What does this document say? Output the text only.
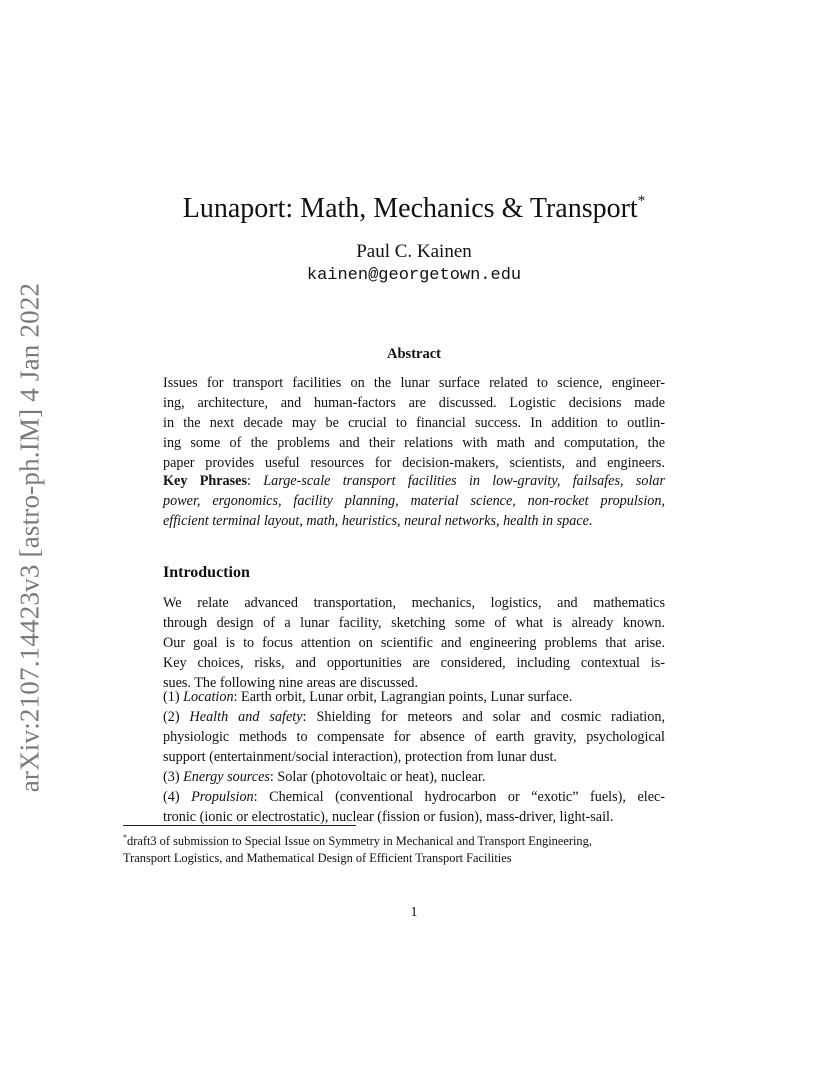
arXiv:2107.14423v3 [astro-ph.IM] 4 Jan 2022
Lunaport: Math, Mechanics & Transport*
Paul C. Kainen
kainen@georgetown.edu
Abstract
Issues for transport facilities on the lunar surface related to science, engineer-
ing, architecture, and human-factors are discussed. Logistic decisions made
in the next decade may be crucial to financial success. In addition to outlin-
ing some of the problems and their relations with math and computation, the
paper provides useful resources for decision-makers, scientists, and engineers.
Key Phrases: Large-scale transport facilities in low-gravity, failsafes, solar
power, ergonomics, facility planning, material science, non-rocket propulsion,
efficient terminal layout, math, heuristics, neural networks, health in space.
Introduction
We relate advanced transportation, mechanics, logistics, and mathematics
through design of a lunar facility, sketching some of what is already known.
Our goal is to focus attention on scientific and engineering problems that arise.
Key choices, risks, and opportunities are considered, including contextual is-
sues. The following nine areas are discussed.
(1) Location: Earth orbit, Lunar orbit, Lagrangian points, Lunar surface.
(2) Health and safety: Shielding for meteors and solar and cosmic radiation,
physiologic methods to compensate for absence of earth gravity, psychological
support (entertainment/social interaction), protection from lunar dust.
(3) Energy sources: Solar (photovoltaic or heat), nuclear.
(4) Propulsion: Chemical (conventional hydrocarbon or “exotic” fuels), elec-
tronic (ionic or electrostatic), nuclear (fission or fusion), mass-driver, light-sail.
*draft3 of submission to Special Issue on Symmetry in Mechanical and Transport Engineering,
Transport Logistics, and Mathematical Design of Efficient Transport Facilities
1
